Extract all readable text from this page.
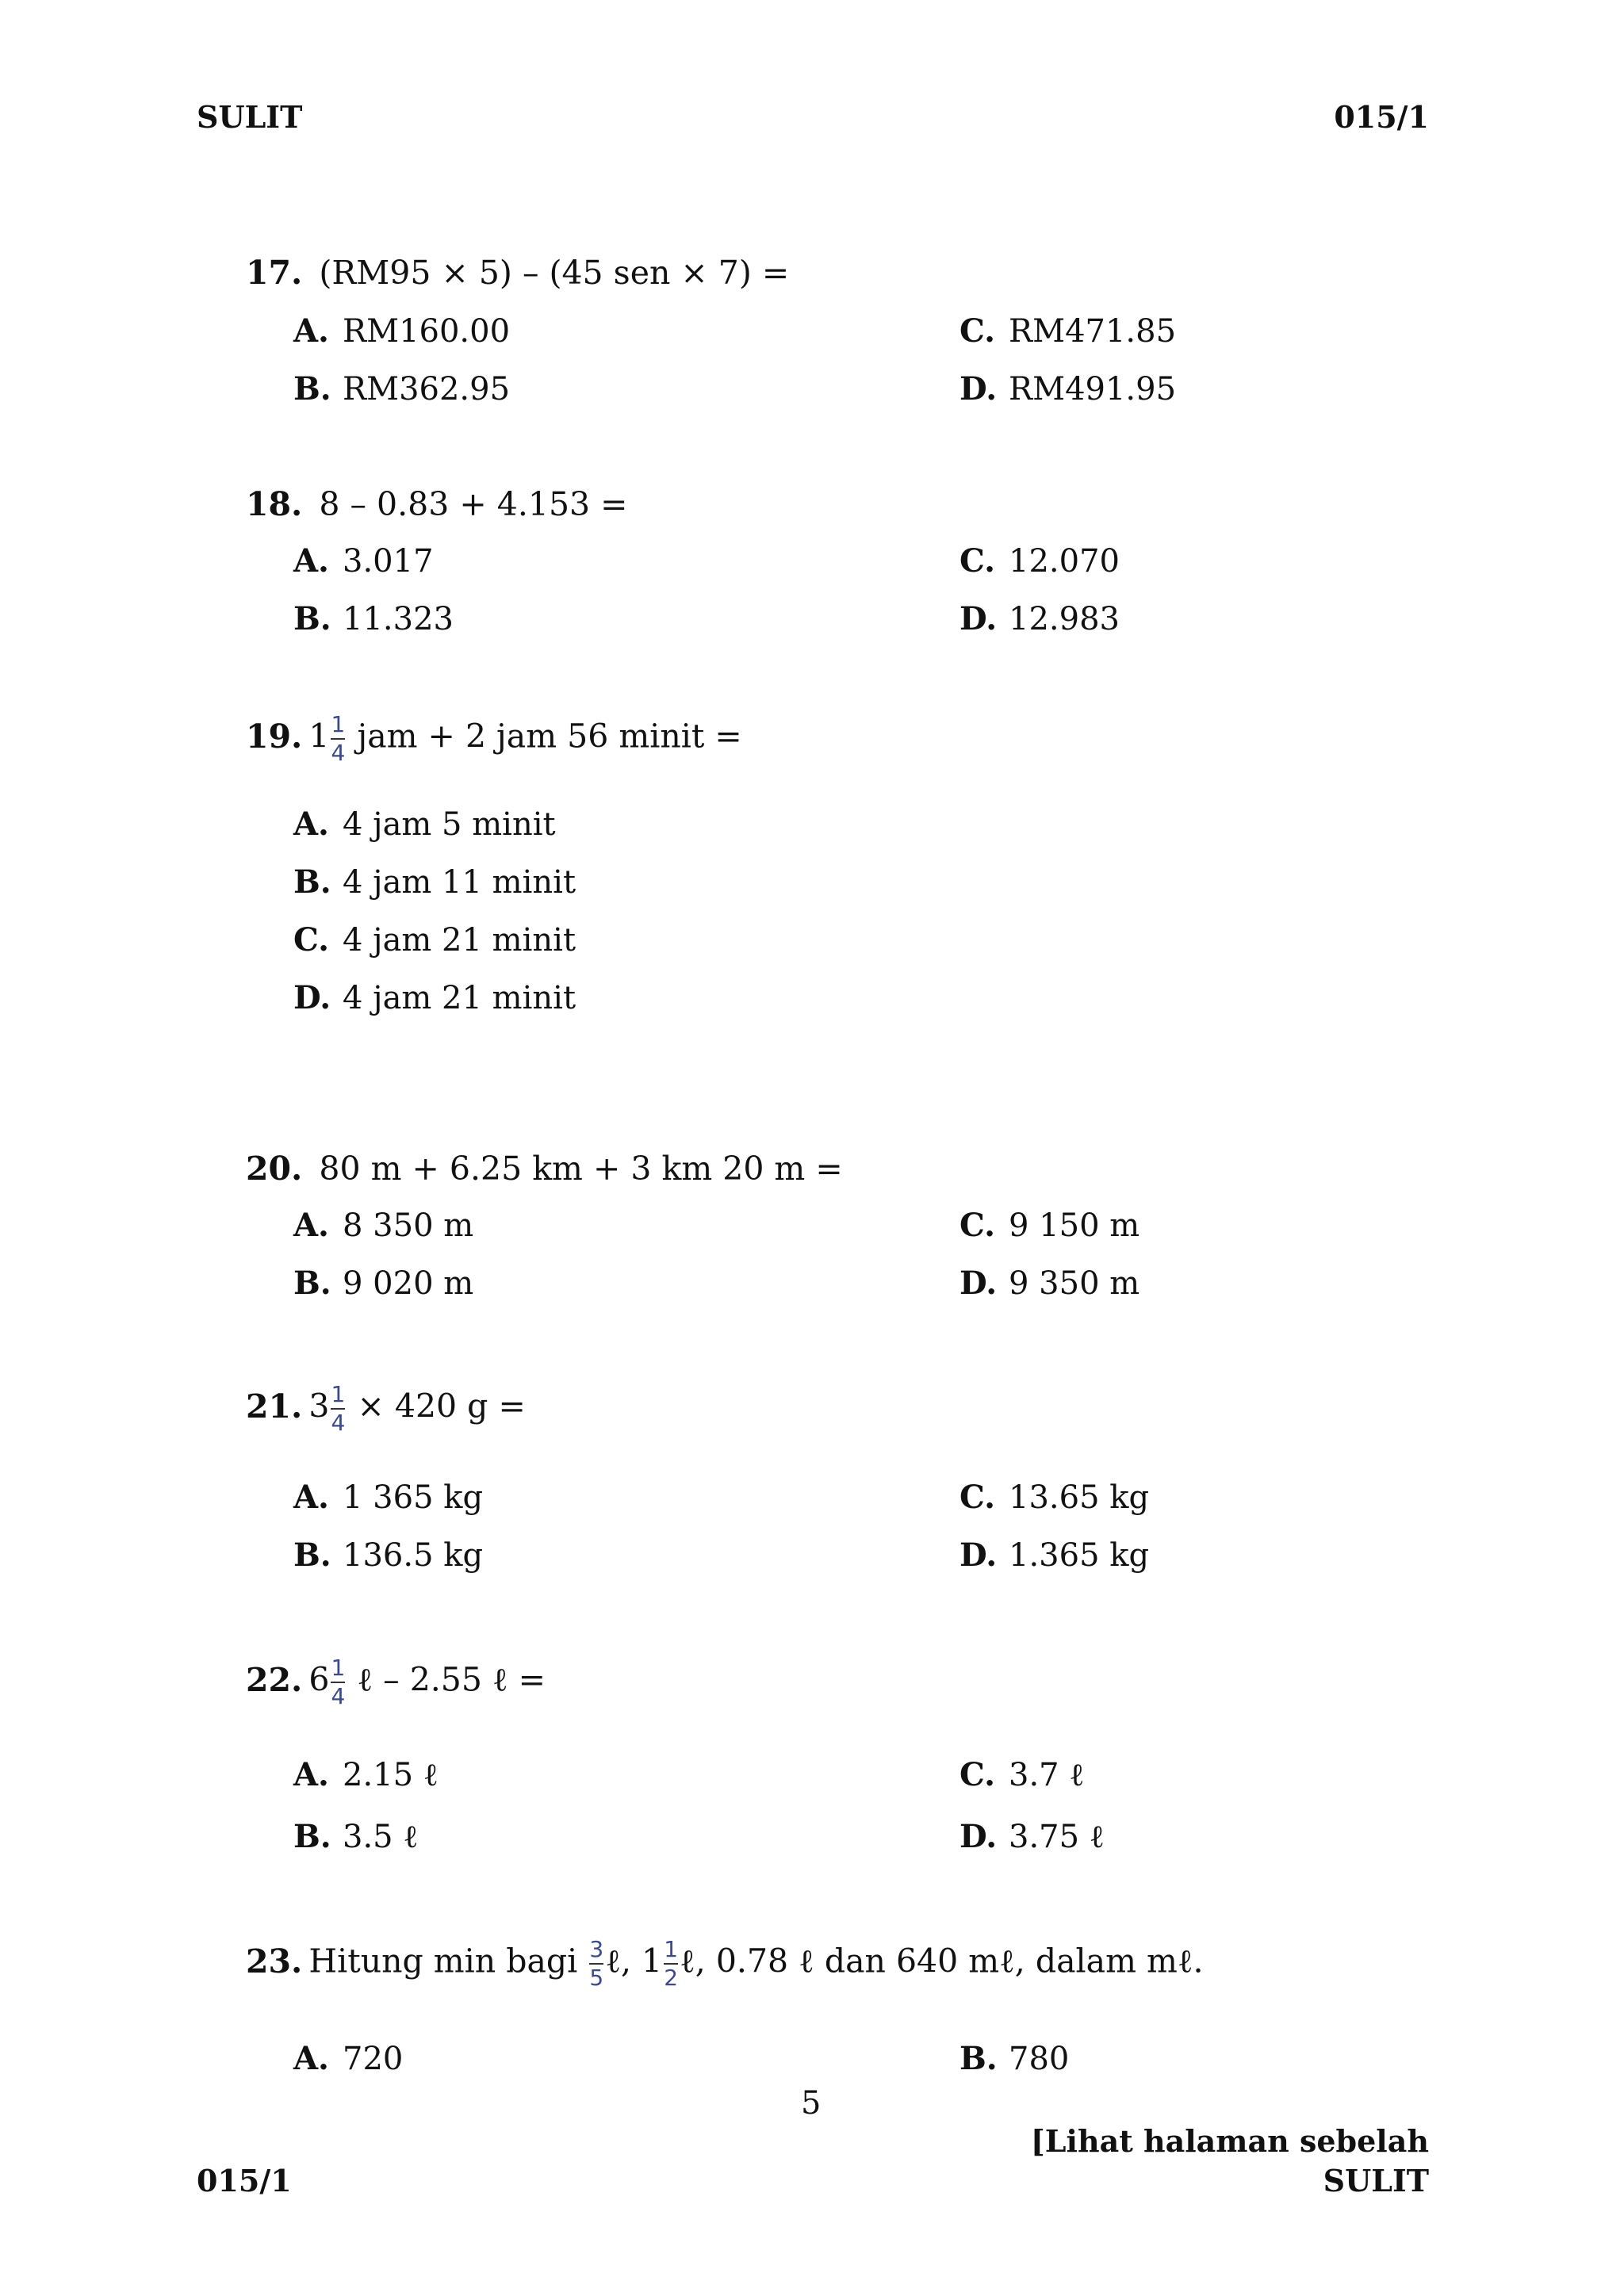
SULIT	015/1
17. (RM95 × 5) – (45 sen × 7) =
A. RM160.00
B. RM362.95
C. RM471.85
D. RM491.95
18. 8 – 0.83 + 4.153 =
A. 3.017
B. 11.323
C. 12.070
D. 12.983
19. $1 \frac{1}{4}$ jam + 2 jam 56 minit =
A. 4 jam 5 minit
B. 4 jam 11 minit
C. 4 jam 21 minit
D. 4 jam 21 minit
20. 80 m + 6.25 km + 3 km 20 m =
A. 8 350 m
B. 9 020 m
C. 9 150 m
D. 9 350 m
21. $3 \frac{1}{4} \times 420$ g =
A. 1 365 kg
B. 136.5 kg
C. 13.65 kg
D. 1.365 kg
22. $6 \frac{1}{4}$ ℓ – 2.55 ℓ =
A. 2.15 ℓ
B. 3.5 ℓ
C. 3.7 ℓ
D. 3.75 ℓ
23. Hitung min bagi $\frac{3}{5}$ ℓ, $1 \frac{1}{2}$ ℓ, 0.78 ℓ dan 640 mℓ, dalam mℓ.
A. 720	B. 780
5
[Lihat halaman sebelah
015/1	SULIT
